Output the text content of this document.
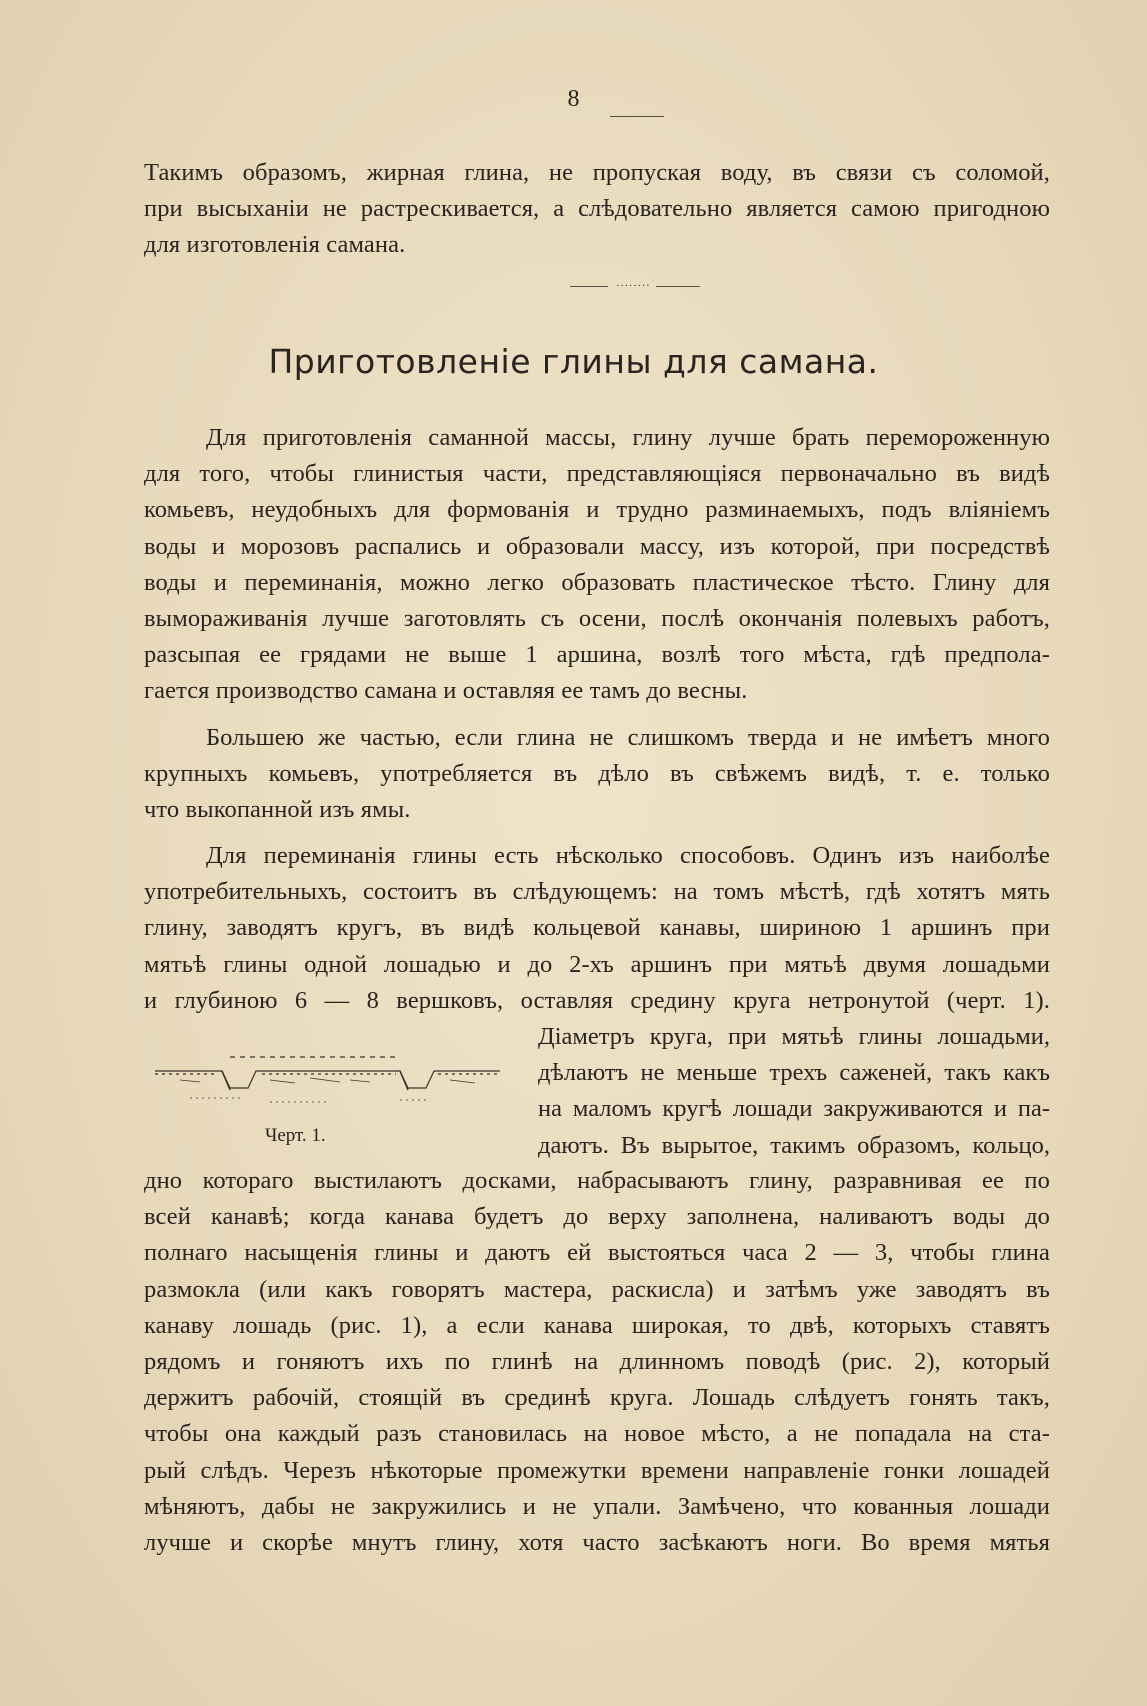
8
Такимъ образомъ, жирная глина, не пропуская воду, въ связи съ соломой,
при высыханіи не растрескивается, а слѣдовательно является самою пригодною
для изготовленія самана.
········
Приготовленіе глины для самана.
Для приготовленія саманной массы, глину лучше брать перемороженную
для того, чтобы глинистыя части, представляющіяся первоначально въ видѣ
комьевъ, неудобныхъ для формованія и трудно разминаемыхъ, подъ вліяніемъ
воды и морозовъ распались и образовали массу, изъ которой, при посредствѣ
воды и переминанія, можно легко образовать пластическое тѣсто. Глину для
вымораживанія лучше заготовлять съ осени, послѣ окончанія полевыхъ работъ,
разсыпая ее грядами не выше 1 аршина, возлѣ того мѣста, гдѣ предпола-
гается производство самана и оставляя ее тамъ до весны.
Большею же частью, если глина не слишкомъ тверда и не имѣетъ много
крупныхъ комьевъ, употребляется въ дѣло въ свѣжемъ видѣ, т. е. только
что выкопанной изъ ямы.
Для переминанія глины есть нѣсколько способовъ. Одинъ изъ наиболѣе
употребительныхъ, состоитъ въ слѣдующемъ: на томъ мѣстѣ, гдѣ хотятъ мять
глину, заводятъ кругъ, въ видѣ кольцевой канавы, шириною 1 аршинъ при
мятьѣ глины одной лошадью и до 2-хъ аршинъ при мятьѣ двумя лошадьми
и глубиною 6 — 8 вершковъ, оставляя средину круга нетронутой (черт. 1).
Діаметръ круга, при мятьѣ глины лошадьми,
дѣлаютъ не меньше трехъ саженей, такъ какъ
на маломъ кругѣ лошади закруживаются и па-
даютъ. Въ вырытое, такимъ образомъ, кольцо,
Черт. 1.
дно котораго выстилаютъ досками, набрасываютъ глину, разравнивая ее по
всей канавѣ; когда канава будетъ до верху заполнена, наливаютъ воды до
полнаго насыщенія глины и даютъ ей выстояться часа 2 — 3, чтобы глина
размокла (или какъ говорятъ мастера, раскисла) и затѣмъ уже заводятъ въ
канаву лошадь (рис. 1), а если канава широкая, то двѣ, которыхъ ставятъ
рядомъ и гоняютъ ихъ по глинѣ на длинномъ поводѣ (рис. 2), который
держитъ рабочій, стоящій въ срединѣ круга. Лошадь слѣдуетъ гонять такъ,
чтобы она каждый разъ становилась на новое мѣсто, а не попадала на ста-
рый слѣдъ. Черезъ нѣкоторые промежутки времени направленіе гонки лошадей
мѣняютъ, дабы не закружились и не упали. Замѣчено, что кованныя лошади
лучше и скорѣе мнутъ глину, хотя часто засѣкаютъ ноги. Во время мятья
